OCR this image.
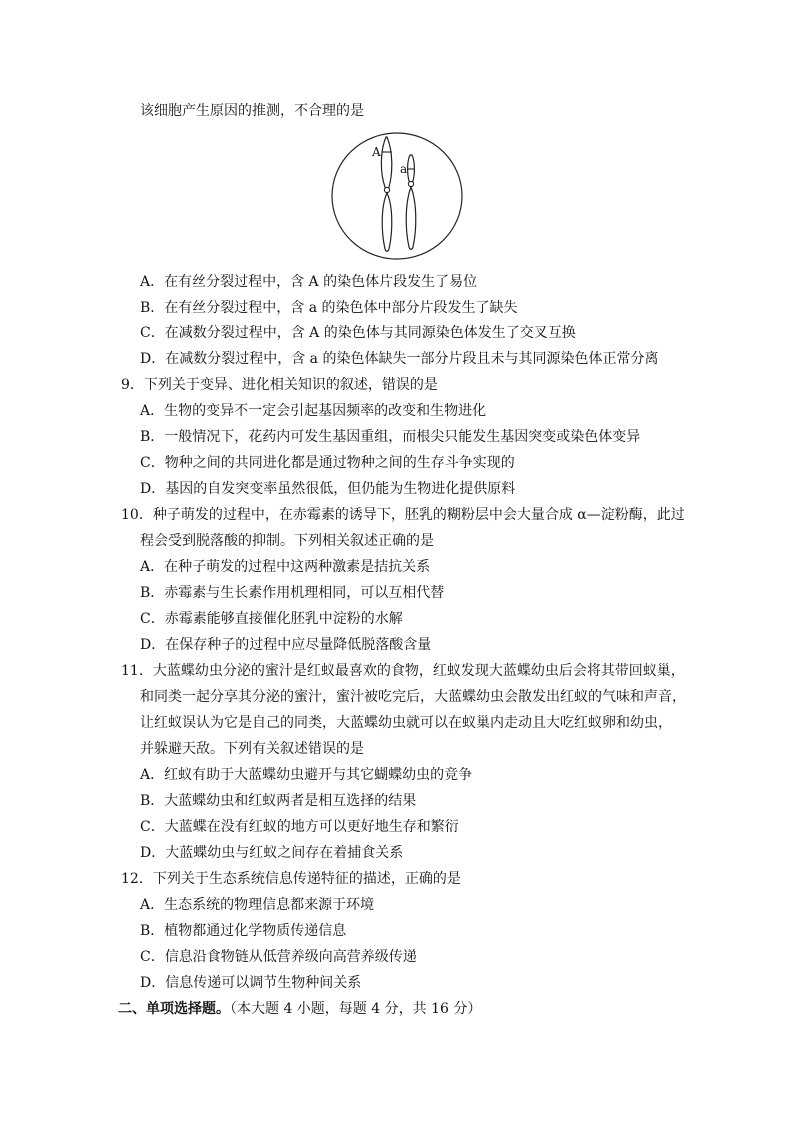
该细胞产生原因的推测，不合理的是
A
a
A．在有丝分裂过程中，含 A 的染色体片段发生了易位
B．在有丝分裂过程中，含 a 的染色体中部分片段发生了缺失
C．在减数分裂过程中，含 A 的染色体与其同源染色体发生了交叉互换
D．在减数分裂过程中，含 a 的染色体缺失一部分片段且未与其同源染色体正常分离
9．下列关于变异、进化相关知识的叙述，错误的是
A．生物的变异不一定会引起基因频率的改变和生物进化
B．一般情况下，花药内可发生基因重组，而根尖只能发生基因突变或染色体变异
C．物种之间的共同进化都是通过物种之间的生存斗争实现的
D．基因的自发突变率虽然很低，但仍能为生物进化提供原料
10．种子萌发的过程中，在赤霉素的诱导下，胚乳的糊粉层中会大量合成 α—淀粉酶，此过
程会受到脱落酸的抑制。下列相关叙述正确的是
A．在种子萌发的过程中这两种激素是拮抗关系
B．赤霉素与生长素作用机理相同，可以互相代替
C．赤霉素能够直接催化胚乳中淀粉的水解
D．在保存种子的过程中应尽量降低脱落酸含量
11．大蓝蝶幼虫分泌的蜜汁是红蚁最喜欢的食物，红蚁发现大蓝蝶幼虫后会将其带回蚁巢，
和同类一起分享其分泌的蜜汁，蜜汁被吃完后，大蓝蝶幼虫会散发出红蚁的气味和声音，
让红蚁误认为它是自己的同类，大蓝蝶幼虫就可以在蚁巢内走动且大吃红蚁卵和幼虫，
并躲避天敌。下列有关叙述错误的是
A．红蚁有助于大蓝蝶幼虫避开与其它蝴蝶幼虫的竞争
B．大蓝蝶幼虫和红蚁两者是相互选择的结果
C．大蓝蝶在没有红蚁的地方可以更好地生存和繁衍
D．大蓝蝶幼虫与红蚁之间存在着捕食关系
12．下列关于生态系统信息传递特征的描述，正确的是
A．生态系统的物理信息都来源于环境
B．植物都通过化学物质传递信息
C．信息沿食物链从低营养级向高营养级传递
D．信息传递可以调节生物种间关系
二、单项选择题。（本大题 4 小题，每题 4 分，共 16 分）
